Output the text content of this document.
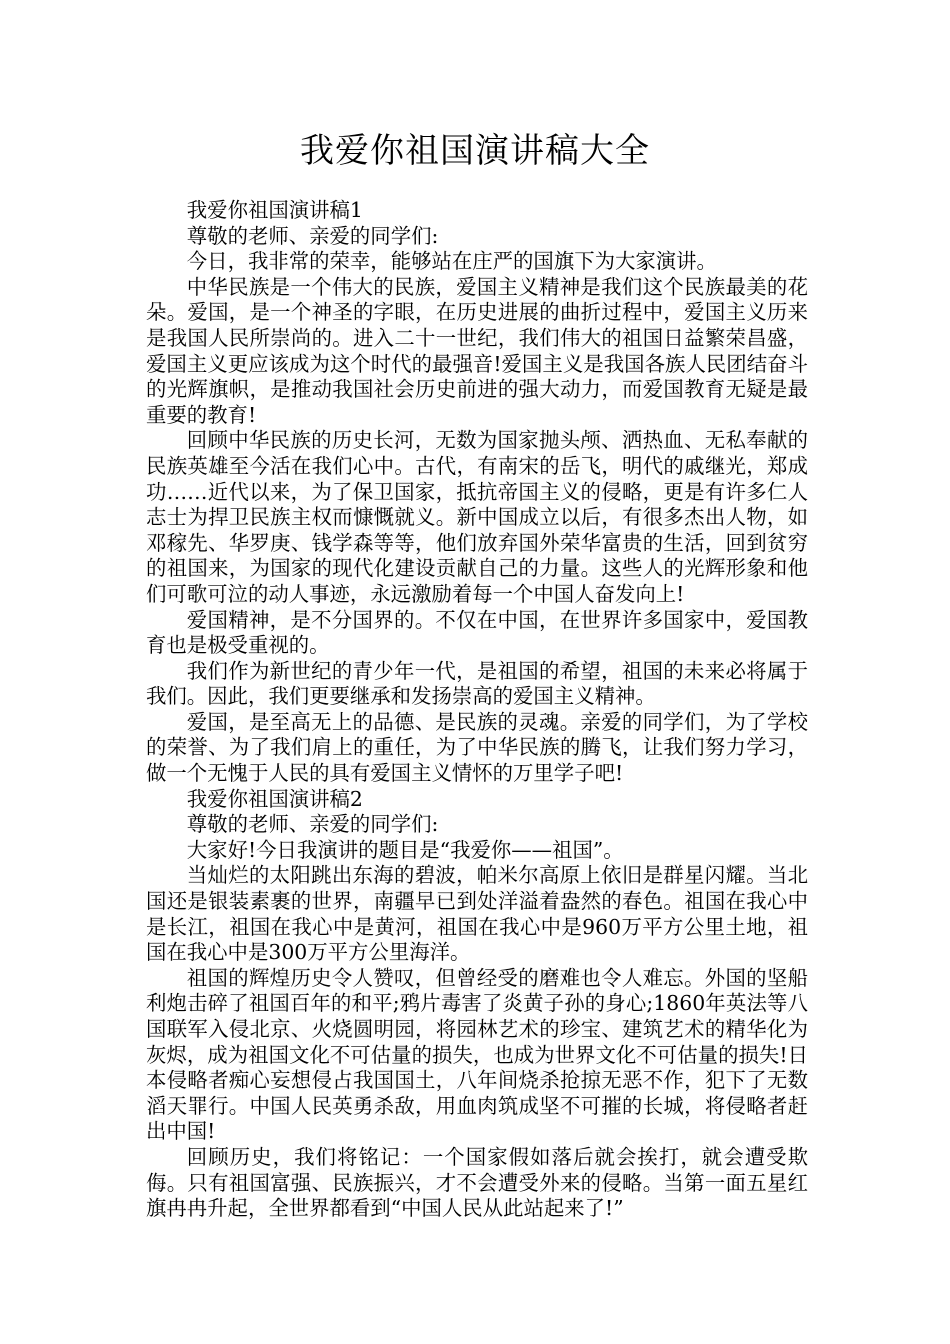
我爱你祖国演讲稿大全

我爱你祖国演讲稿1

尊敬的老师、亲爱的同学们:

今日，我非常的荣幸，能够站在庄严的国旗下为大家演讲。

中华民族是一个伟大的民族，爱国主义精神是我们这个民族最美的花朵。爱国，是一个神圣的字眼，在历史进展的曲折过程中，爱国主义历来是我国人民所崇尚的。进入二十一世纪，我们伟大的祖国日益繁荣昌盛，爱国主义更应该成为这个时代的最强音!爱国主义是我国各族人民团结奋斗的光辉旗帜，是推动我国社会历史前进的强大动力，而爱国教育无疑是最重要的教育!

回顾中华民族的历史长河，无数为国家抛头颅、洒热血、无私奉献的民族英雄至今活在我们心中。古代，有南宋的岳飞，明代的戚继光，郑成功……近代以来，为了保卫国家，抵抗帝国主义的侵略，更是有许多仁人志士为捍卫民族主权而慷慨就义。新中国成立以后，有很多杰出人物，如邓稼先、华罗庚、钱学森等等，他们放弃国外荣华富贵的生活，回到贫穷的祖国来，为国家的现代化建设贡献自己的力量。这些人的光辉形象和他们可歌可泣的动人事迹，永远激励着每一个中国人奋发向上!

爱国精神，是不分国界的。不仅在中国，在世界许多国家中，爱国教育也是极受重视的。

我们作为新世纪的青少年一代，是祖国的希望，祖国的未来必将属于我们。因此，我们更要继承和发扬崇高的爱国主义精神。

爱国，是至高无上的品德、是民族的灵魂。亲爱的同学们，为了学校的荣誉、为了我们肩上的重任，为了中华民族的腾飞，让我们努力学习，做一个无愧于人民的具有爱国主义情怀的万里学子吧!

我爱你祖国演讲稿2

尊敬的老师、亲爱的同学们:

大家好!今日我演讲的题目是“我爱你——祖国”。

当灿烂的太阳跳出东海的碧波，帕米尔高原上依旧是群星闪耀。当北国还是银装素裹的世界，南疆早已到处洋溢着盎然的春色。祖国在我心中是长江，祖国在我心中是黄河，祖国在我心中是960万平方公里土地，祖国在我心中是300万平方公里海洋。

祖国的辉煌历史令人赞叹，但曾经受的磨难也令人难忘。外国的坚船利炮击碎了祖国百年的和平;鸦片毒害了炎黄子孙的身心;1860年英法等八国联军入侵北京、火烧圆明园，将园林艺术的珍宝、建筑艺术的精华化为灰烬，成为祖国文化不可估量的损失，也成为世界文化不可估量的损失!日本侵略者痴心妄想侵占我国国土，八年间烧杀抢掠无恶不作，犯下了无数滔天罪行。中国人民英勇杀敌，用血肉筑成坚不可摧的长城，将侵略者赶出中国!

回顾历史，我们将铭记：一个国家假如落后就会挨打，就会遭受欺侮。只有祖国富强、民族振兴，才不会遭受外来的侵略。当第一面五星红旗冉冉升起，全世界都看到“中国人民从此站起来了!”
